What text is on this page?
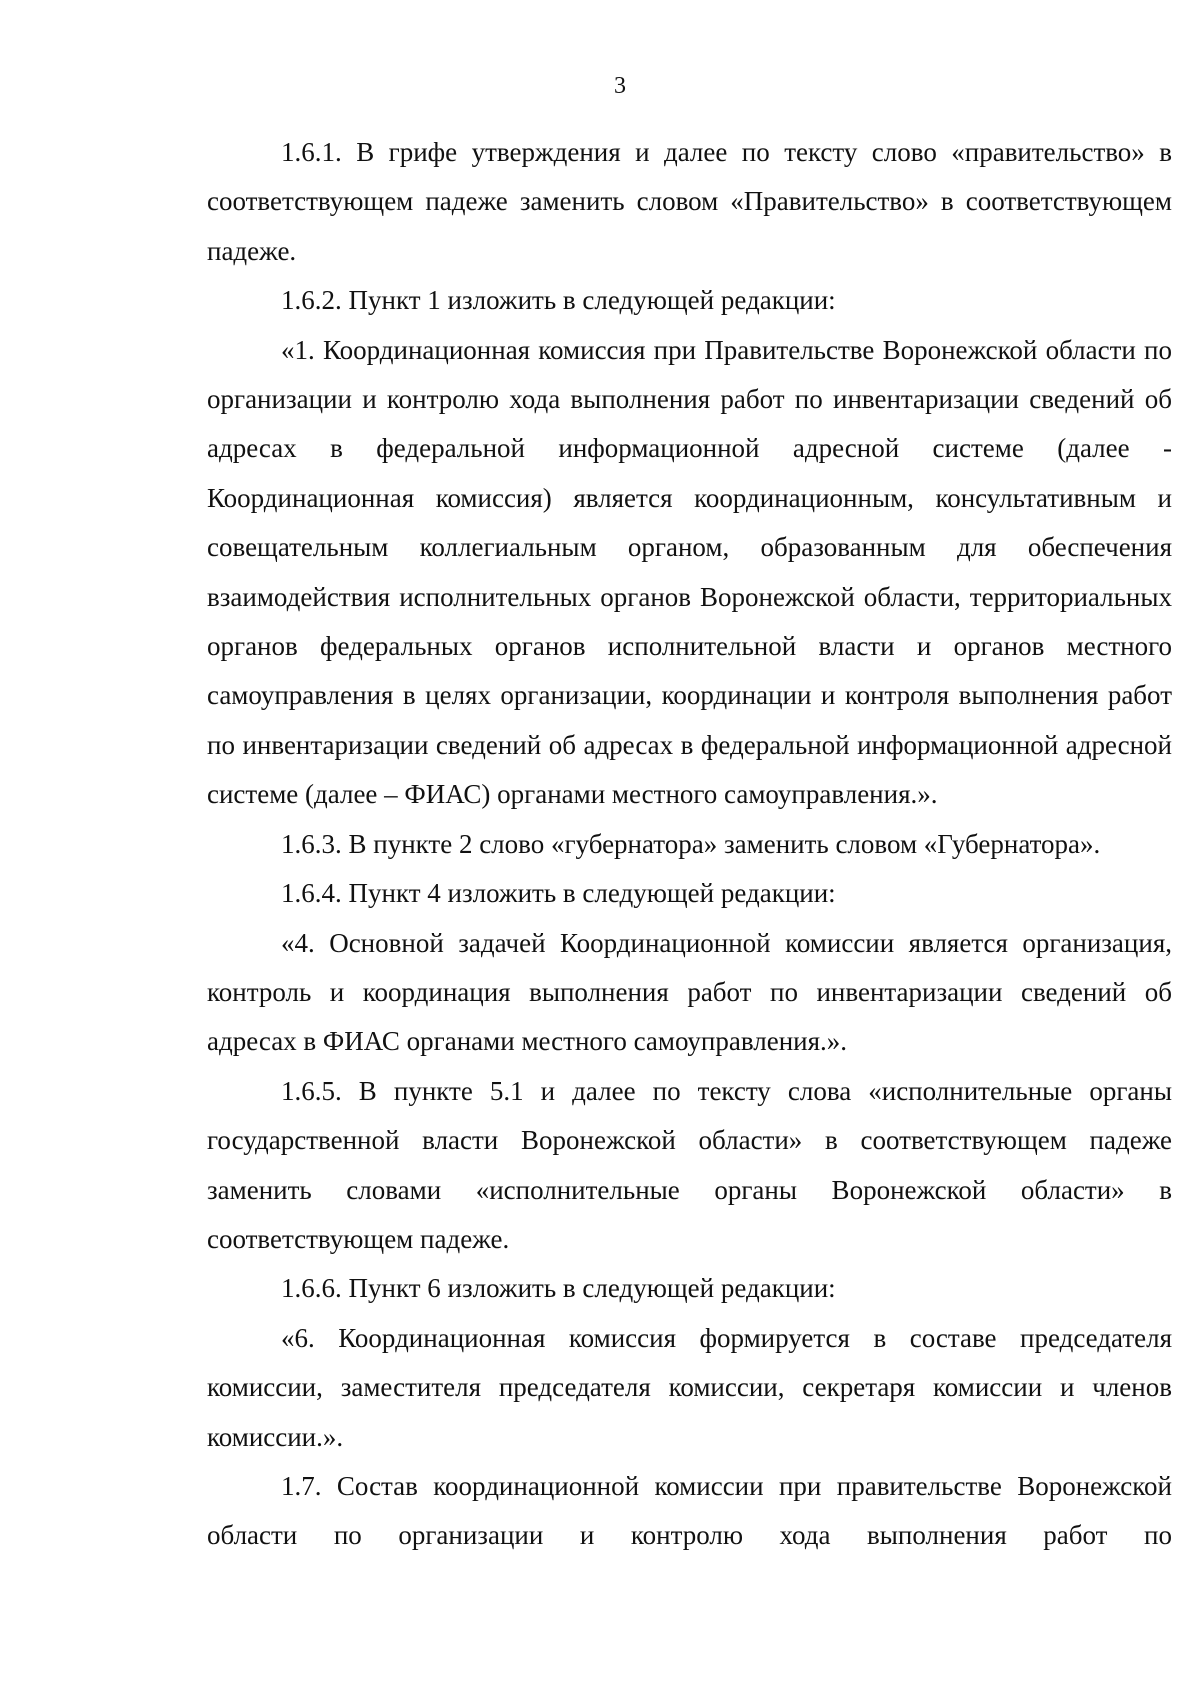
3

1.6.1. В грифе утверждения и далее по тексту слово «правительство» в соответствующем падеже заменить словом «Правительство» в соответствующем падеже.

1.6.2. Пункт 1 изложить в следующей редакции:

«1. Координационная комиссия при Правительстве Воронежской области по организации и контролю хода выполнения работ по инвентаризации сведений об адресах в федеральной информационной адресной системе (далее - Координационная комиссия) является координационным, консультативным и совещательным коллегиальным органом, образованным для обеспечения взаимодействия исполнительных органов Воронежской области, территориальных органов федеральных органов исполнительной власти и органов местного самоуправления в целях организации, координации и контроля выполнения работ по инвентаризации сведений об адресах в федеральной информационной адресной системе (далее – ФИАС) органами местного самоуправления.».

1.6.3. В пункте 2 слово «губернатора» заменить словом «Губернатора».

1.6.4. Пункт 4 изложить в следующей редакции:

«4. Основной задачей Координационной комиссии является организация, контроль и координация выполнения работ по инвентаризации сведений об адресах в ФИАС органами местного самоуправления.».

1.6.5. В пункте 5.1 и далее по тексту слова «исполнительные органы государственной власти Воронежской области» в соответствующем падеже заменить словами «исполнительные органы Воронежской области» в соответствующем падеже.

1.6.6. Пункт 6 изложить в следующей редакции:

«6. Координационная комиссия формируется в составе председателя комиссии, заместителя председателя комиссии, секретаря комиссии и членов комиссии.».

1.7. Состав координационной комиссии при правительстве Воронежской области по организации и контролю хода выполнения работ по
